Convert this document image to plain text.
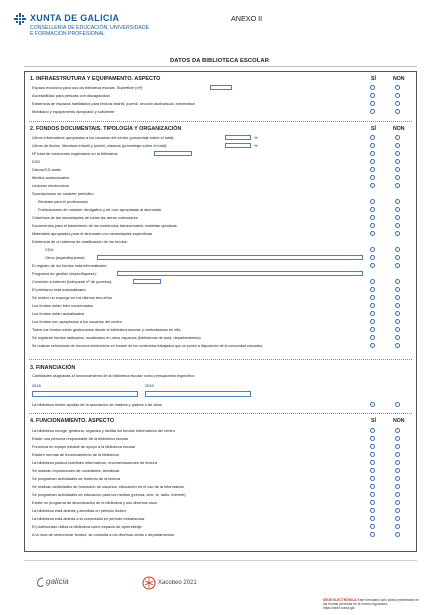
XUNTA DE GALICIA
CONSELLERÍA DE EDUCACIÓN, UNIVERSIDADE
E FORMACIÓN PROFESIONAL
ANEXO II
DATOS DA BIBLIOTECA ESCOLAR
1. INFRAESTRUTURA Y EQUIPAMENTO. ASPECTO	SÍ	NON
Espazo exclusivo para uso da biblioteca escolar. Superficie (m²):
Accesibilidad para persoas con discapacidad
Existencia de espazos habilitados para lectura infantil, juvenil, sección audiovisual, informática
Mobiliario y equipamento apropiado y suficiente
2. FONDOS DOCUMENTAIS. TIPOLOGÍA Y ORGANIZACIÓN	SÍ	NON
Libros informativos apropiados a los usuarios del centro (porcentaje sobre el total):	%
Libros de ficción, literatura infantil y juvenil, clásicos (porcentaje sobre el total):	%
Nº total de volúmenes registrados en la biblioteca:
DVD
Discos/CD audio
Medios audiovisuales
Lectores electrónicos
Suscripciones de carácter periódico
Revistas para el profesorado
Publicaciones de carácter divulgativo y de ocio apropiadas al alumnado
Cobertura de las necesidades de todas las áreas curriculares
Documentos para el tratamiento de los contenidos transversales, materias optativas
Materiales apropiados para el alumnado con necesidades específicas
Existencia de un sistema de clasificación de los fondos:
CDU
Otros (especifíquense):
El registro de los fondos está informatizado
Programa de gestión (especifíquese):
Conexión a internet (indíquese nº de puestos):
El préstamo está automatizado
Se realizó un expurgo en los últimos tres años
Los fondos están bien conservados
Los fondos están actualizados
Los fondos son apropiados a los usuarios del centro
Todos los fondos están gestionados desde la biblioteca escolar y centralizados en ella
Se registran fondos radicados, localizados en otros espacios (bibliotecas de aula, departamentos)
Se realizan selecciones de recursos electrónicos en función de los contenidos trabajados que se ponen a disposición de la comunidad educativa
3. FINANCIACIÓN
Cantidades asignadas al funcionamiento de la biblioteca escolar como presupuesto específico
2018	2019
La biblioteca recibe ayudas de la asociación de madres y padres o de otros
4. FUNCIONAMIENTO. ASPECTO	SÍ	NON
La biblioteca recoge, gestiona, organiza y facilita los fondos informativos del centro
Existe una persona responsable de la biblioteca escolar
Funciona un equipo estable de apoyo a la biblioteca escolar
Existen normas de funcionamiento de la biblioteca
La biblioteca publica boletines informativos, recomendaciones de lectura
Se realizan exposiciones de novedades, temáticas
Se programan actividades de fomento de la lectura
Se realizan actividades de formación de usuarios, educación en el uso de la información
Se programan actividades de educación para los medios (prensa, cine, tv, radio, internet)
Existe un programa de dinamización de la biblioteca y sus diversos usos
La biblioteca está abierta y atendida en periodo lectivo
La biblioteca está abierta a la comunidad en período extraescolar
El profesorado utiliza la biblioteca como espacio de aprendizaje
A la hora de seleccionar fondos, se consulta a los diversos ciclos o departamentos
galicia	Xacobeo 2021
SEDE ELECTRÓNICA Este formulario sólo podrá presentarse en
las formas previstas en la norma reguladora
https://sede.xunta.gal
